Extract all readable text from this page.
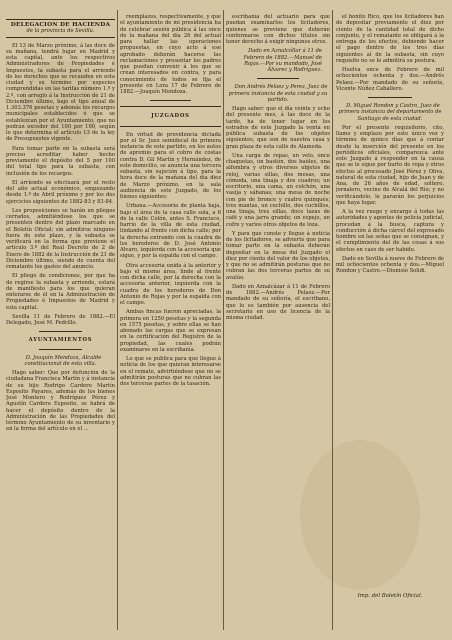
DELEGACION DE HACIENDA
de la provincia de Sevilla.

El 13 de Marzo próximo, á las doce de su mañana, tendrá lugar en Madrid y esta capital, ante los respectivos Administradores de Propiedades é Impuestos, la subasta para el arriendo de los derechos que se recauden en esta ciudad y su término por especies comprendidas en las tarifas número 1.º y 2.º, con arreglo á la Instrucción de 21 de Diciembre último, bajo el tipo anual de 1.303.376 pesetas y además los recargos municipales establecidos ó que se establezcan por el Ayuntamiento, que no podrán exceder del 100 por 100, según lo que determina el artículo 13 de la ley de Presupuestos vigente.

Para tomar parte en la subasta será preciso acreditar haber hecho previamente el depósito del 5 por 100 del total tipo para la subasta, con inclusión de los recargos.

El arriendo se efectuará por el resto del año actual económico, empezando desde 1.º de Abril próximo y por los dos ejercicios siguientes de 1882-83 y 83-84.

Los proposiciones se harán en pliegos cerrados, admitiéndose los que se presenten dentro del plazo marcado en el Boletín Oficial; sin admitirse ninguno fuera de este plazo, y la subasta se verificará en la forma que previene el artículo 3.º del Real Decreto de 2 de Enero de 1882 de la Instrucción de 21 de Diciembre último, siendo de cuenta del rematante los gastos del anuncio.

El pliego de condiciones, por que ha de regirse la subasta y arriendo, estará de manifiesto para los que quieran enterarse de él en la Administración de Propiedades é Impuestos de Madrid y esta capital.

Sevilla 11 de Febrero de 1882.—El Delegado, José M. Pedrillo.

AYUNTAMIENTOS

D. Joaquín Mendoza, Alcalde constitucional de esta villa.

Hago saber: Que por defunción de la ciudadana Francisca Martín y á instancia de su hijo Rodrigo Cardero Martín Esposito Payares, además de los bienes José Montero y Rodríguez Pérez y Agustín Cardero Esposito, se habrá de hacer el depósito dentro de la Administración de las Propiedades del término Ayuntamiento de su inventario y en la forma del artículo en el ...

reemplazos, respectivamente, y que el ayuntamiento de mi presidencia ha de celebrar sesión pública á las once de la mañana del día 26 del actual para hallar las operaciones propuestas, en cuyo acto á ese aprobado deberán hacerse las reclamaciones y presentar los padres que puedan convenir á los que se crean interesados en contra, y para conocimiento de todos se fija el presente en Lora 17 de Febrero de 1882.—Joaquín Mendoza.

JUZGADOS

En virtud de providencia dictada por el Sr. Juez semidecal de primera instancia de este partido, en los autos de apremio para el cobro de costas contra D. Gil Martín y Hernández, de este domicilio, se anuncia una tercera subasta, sin sujeción á tipo, para la hora doce de la mañana del día diez de Marzo próximo, en la sala audiencia de este Juzgado, de los bienes siguientes:

Urbana.—Accesoria de planta baja, bajo el área de la casa calle sola, a 6 de la calle Colón, antes S. Francisco, barrio de la villa de esta ciudad, lindando al frente con dicha calle; por la derecha entrando con la cuadra de los herederos de D. José Antonio Alvaro, izquierda con la accesoria que sigue, y por la espalda con el campo.

Otra accesoria unida á la anterior y bajo el mismo área, linde al frente con dicha calle, por la derecha con la accesoria anterior, izquierda con la cuadra de los herederos de Don Antonio de Rojas y por la espalda con el campo.

Ambas fincas fueron apreciadas, la primera en 1250 pesetas y la segunda en 1575 pesetas, y sobre ellas se han abonado las cargas que se expresan en la certificación del Registro de la propiedad, las cuales podrán examinarse en la escribanía.

Lo que se publica para que llegue á noticia de los que quieran interesarse en el remate, advirtiéndose que no se admitirán posturas que no cubran las dos terceras partes de la tasación.

escribanía del actuario para que puedan examinarlos los licitadores, quienes se previene que deberán conformarse con dichos títulos sin tener derecho á exigir ningunos otros.

Dado en Aznalcóllar á 11 de Febrero de 1882.—Manuel de Rojas.—Por su mandado, José Álvarez y Rodríguez.

Don Andrés Pelaez y Perez, Juez de primera instancia de esta ciudad y su partido.

Hago saber: que el día veinte y ocho del presente mes, á las doce de la tarde, ha de tener lugar en los estrados de este Juzgado la venta en pública subasta de los objetos siguientes, que son de nuestra casa y gran plaza de esta calle de Alameda.

Una carga de ropas, un velo, once chaquetas, un bastón, dos baúles, una alfombra y otros diversos objetos de reloj, varias sillas, dos mesas, una cómoda, una tinaja y dos cuadros; un escritorio, una cama, un colchón, una vasija y sábanas; una mesa de noche con pie de bronce y cuatro quinqués; tres mantas, un cuchillo, dos cuchillos, una tinaja, tres sillas, doce tazas de café y una jarra grande; un espejo, un cofre y varios otros objetos de loza.

Y para que conste y llegue á noticia de los licitadores, se advierte que para tomar parte en la subasta deberán depositar en la mesa del Juzgado el diez por ciento del valor de los objetos, y que no se admitirán posturas que no cubran las dos terceras partes de su avalúo.

Dado en Aznalcázar á 11 de Febrero de 1882.—Andrés Pelaez.—Por mandado de su señoría, el escribano, que lo es también por ausencia del secretario en uso de licencia de la misma ciudad.

el bonito Rico, que los licitadores han de depositar previamente el diez por ciento de la cantidad total de dicho conjunto, y el rematante se obligará á la entrega de los efectos, debiendo hacer el pago dentro de los tres días siguientes al de la subasta, sin cuyo requisito no se le admitirá su postura.

Huelva once de Febrero de mil ochocientos ochenta y dos.—Andrés Pelaez.—Por mandado de su señoría, Vicente Núñez Caballero.

D. Miguel Rondon y Castro, Juez de primera instancia del departamento de Santiago de esta ciudad.

Por el presente requisitorio, cito, llamo y emplazo por este único vez y término de quince días que á contar desde la inserción del presente en los periódicos oficiales, comparezca ante este Juzgado á responder en la causa que se le sigue por hurto de ropa y otros efectos al procesado José Pérez y Oliva, natural de esta ciudad, hijo de Juan y de Ana, de 26 años de edad, soltero, jornalero, vecino de Alcalá del Río; y no verificándolo, le pararán los perjuicios que haya lugar.

A la vez ruego y encargo á todas las autoridades y agentes de policía judicial, procedan á la busca, captura y conducción á dicha cárcel del expresado hombre en las señas que se consignan, y el cumplimiento del de las cosas á sus efectos en caso de ser habido.

Dado en Sevilla á nueve de Febrero de mil ochocientos ochenta y dos.—Miguel Rondon y Castro.—Dionisio Solidi.

Imp. del Boletín Oficial.
